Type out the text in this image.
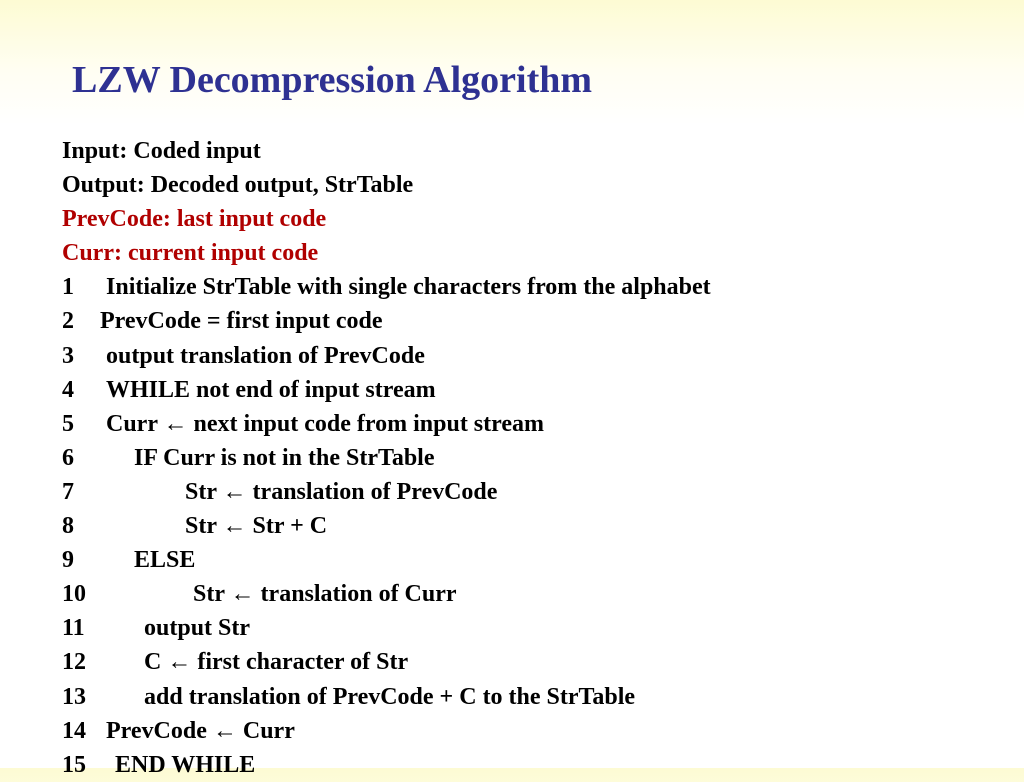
LZW Decompression Algorithm
Input: Coded input
Output: Decoded output, StrTable
PrevCode: last input code
Curr: current input code
1 Initialize StrTable with single characters from the alphabet
2 PrevCode = first input code
3 output translation of PrevCode
4 WHILE not end of input stream
5 Curr ← next input code from input stream
6	IF Curr is not in the StrTable
7	Str ← translation of PrevCode
8	Str ← Str + C
9	ELSE
10	Str ← translation of Curr
11 output Str
12 C ← first character of Str
13 add translation of PrevCode + C to the StrTable
14 PrevCode ← Curr
15 END WHILE
